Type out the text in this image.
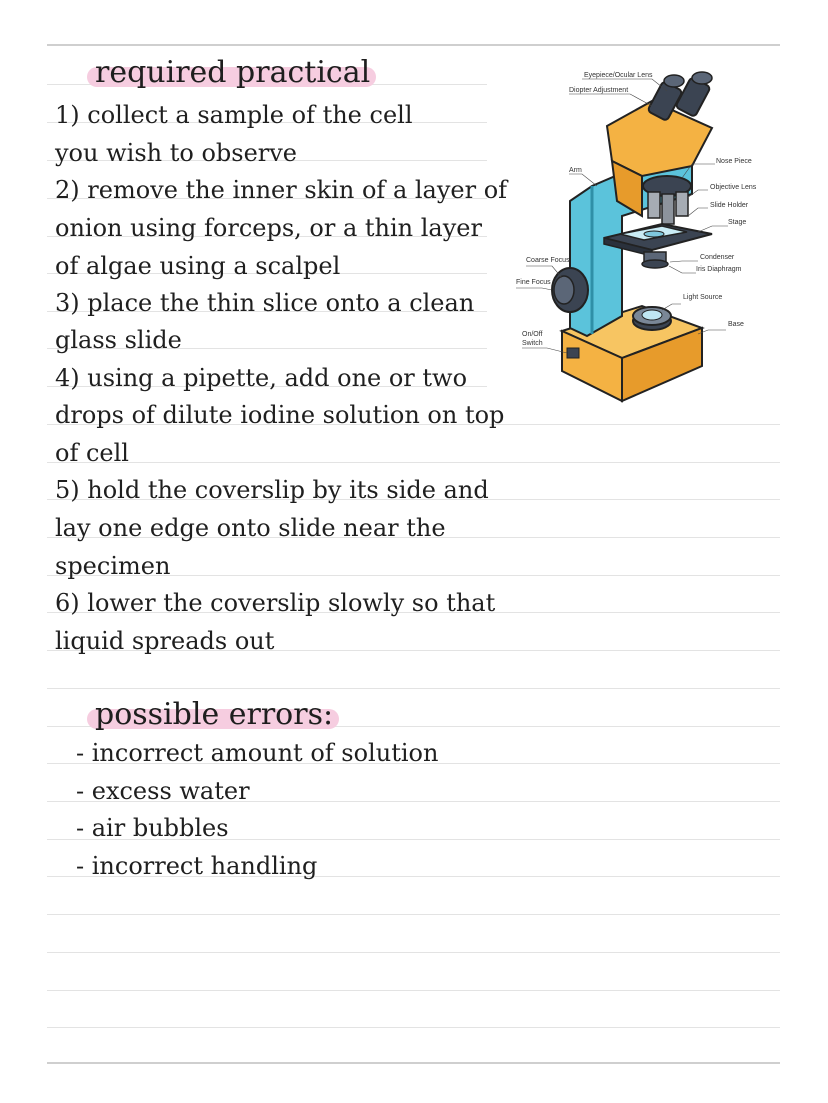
required practical
1) collect a sample of the cell
you wish to observe
2) remove the inner skin of a layer of
onion using forceps, or a thin layer
of algae using a scalpel
3) place the thin slice onto a clean
glass slide
4) using a pipette, add one or two
drops of dilute iodine solution on top
of cell
5) hold the coverslip by its side and
lay one edge onto slide near the
specimen
6) lower the coverslip slowly so that
liquid spreads out
possible errors:
- incorrect amount of solution
- excess water
- air bubbles
- incorrect handling
Eyepiece/Ocular Lens
Diopter Adjustment
Nose Piece
Arm
Objective Lens
Slide Holder
Stage
Coarse Focus	Condenser
Iris Diaphragm
Fine Focus
Light Source
Base
On/Off
Switch
